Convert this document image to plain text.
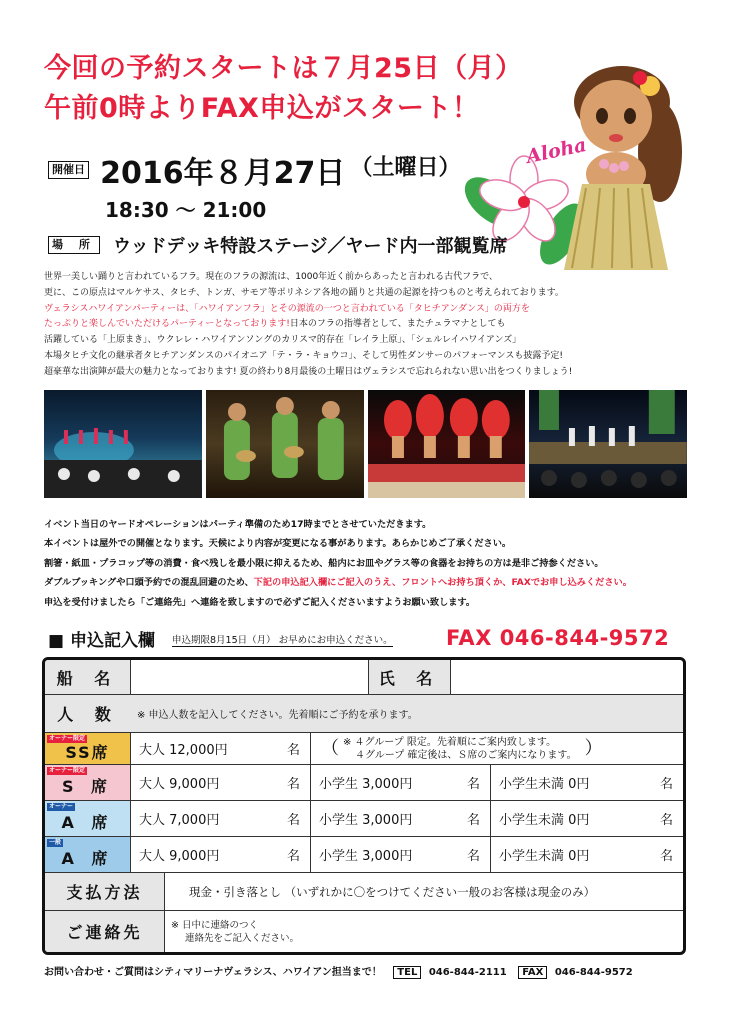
今回の予約スタートは７月25日（月）
午前0時よりFAX申込がスタート！
Aloha
開催日 2016年８月27日 （土曜日）
18:30 ～ 21:00
場 所 ウッドデッキ特設ステージ／ヤード内一部観覧席
世界一美しい踊りと言われているフラ。現在のフラの源流は、1000年近く前からあったと言われる古代フラで、
更に、この原点はマルケサス、タヒチ、トンガ、サモア等ポリネシア各地の踊りと共通の起源を持つものと考えられております。
ヴェラシスハワイアンパーティーは、「ハワイアンフラ」とその源流の一つと言われている「タヒチアンダンス」の両方を
たっぷりと楽しんでいただけるパーティーとなっております!日本のフラの指導者として、またチュラマナとしても
活躍している「上原まき」、ウクレレ・ハワイアンソングのカリスマ的存在「レイラ上原」、「シェルレイハワイアンズ」
本場タヒチ文化の継承者タヒチアンダンスのパイオニア「テ・ラ・キョウコ」、そして男性ダンサーのパフォーマンスも披露予定!
超豪華な出演陣が最大の魅力となっております! 夏の終わり8月最後の土曜日はヴェラシスで忘れられない思い出をつくりましょう!
イベント当日のヤードオペレーションはパーティ準備のため17時までとさせていただきます。
本イベントは屋外での開催となります。天候により内容が変更になる事があります。あらかじめご了承ください。
割箸・紙皿・プラコップ等の消費・食べ残しを最小限に抑えるため、船内にお皿やグラス等の食器をお持ちの方は是非ご持参ください。
ダブルブッキングや口頭予約での混乱回避のため、下記の申込記入欄にご記入のうえ、フロントへお持ち頂くか、FAXでお申し込みください。
申込を受付けましたら「ご連絡先」へ連絡を致しますので必ずご記入くださいますようお願い致します。
■ 申込記入欄 申込期限8月15日（月） お早めにお申込ください。	FAX 046-844-9572
船 名	氏 名
人 数	※ 申込人数を記入してください。先着順にご予約を承ります。
オーナー限定
SS席 大人 12,000円	名 （ ※ ４グループ 限定。先着順にご案内致します。
４グループ 確定後は、Ｓ席のご案内になります。 ）
オーナー限定
S 席 大人 9,000円	名 小学生 3,000円	名 小学生未満 0円	名
オーナー
A 席 大人 7,000円	名 小学生 3,000円	名 小学生未満 0円	名
一般
A 席 大人 9,000円	名 小学生 3,000円	名 小学生未満 0円	名
支払方法	現金・引き落とし （いずれかに〇をつけてください一般のお客様は現金のみ）
ご連絡先	※ 日中に連絡のつく
連絡先をご記入ください。
お問い合わせ・ご質問はシティマリーナヴェラシス、ハワイアン担当まで！ TEL 046-844-2111 FAX 046-844-9572
